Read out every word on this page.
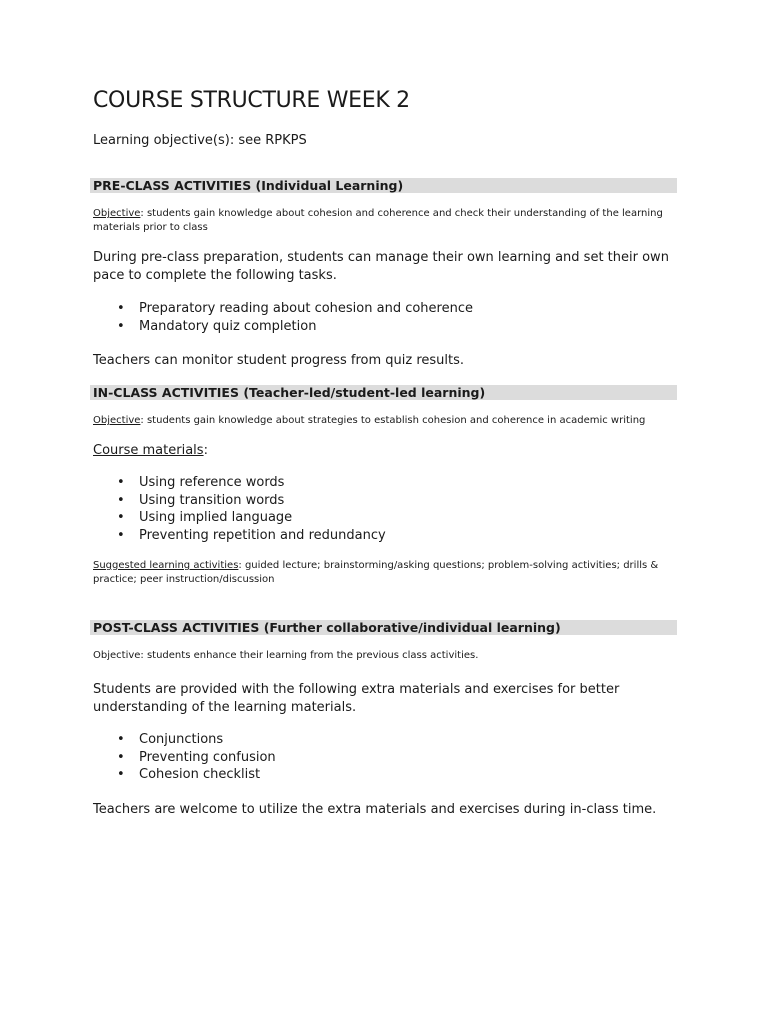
COURSE STRUCTURE WEEK 2
Learning objective(s): see RPKPS
PRE-CLASS ACTIVITIES (Individual Learning)
Objective: students gain knowledge about cohesion and coherence and check their understanding of the learning materials prior to class
During pre-class preparation, students can manage their own learning and set their own pace to complete the following tasks.
• Preparatory reading about cohesion and coherence
• Mandatory quiz completion
Teachers can monitor student progress from quiz results.
IN-CLASS ACTIVITIES (Teacher-led/student-led learning)
Objective: students gain knowledge about strategies to establish cohesion and coherence in academic writing
Course materials:
• Using reference words
• Using transition words
• Using implied language
• Preventing repetition and redundancy
Suggested learning activities: guided lecture; brainstorming/asking questions; problem-solving activities; drills & practice; peer instruction/discussion
POST-CLASS ACTIVITIES (Further collaborative/individual learning)
Objective: students enhance their learning from the previous class activities.
Students are provided with the following extra materials and exercises for better understanding of the learning materials.
• Conjunctions
• Preventing confusion
• Cohesion checklist
Teachers are welcome to utilize the extra materials and exercises during in-class time.
